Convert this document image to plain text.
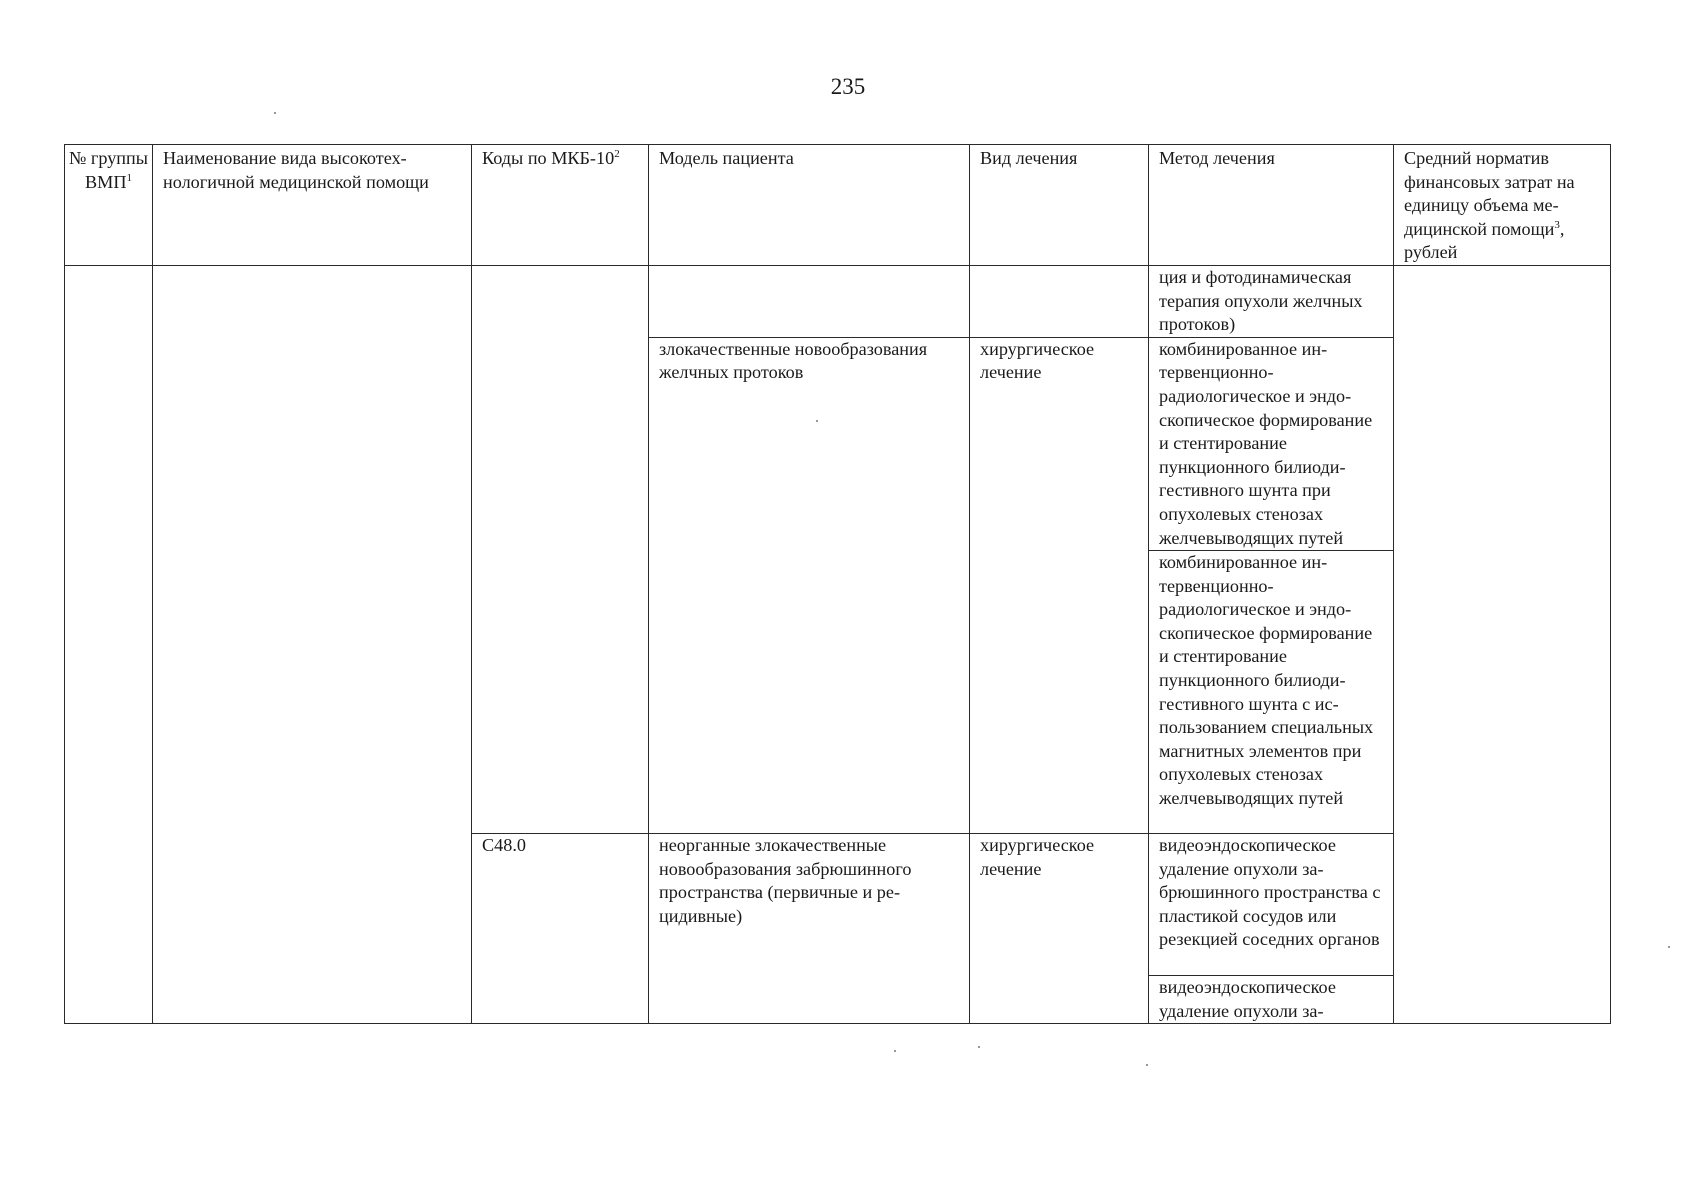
235
№ группы ВМП$^1$	Наименование вида высокотехнологичной медицинской помощи	Коды по МКБ-$10^2$	Модель пациента	Вид лечения	Метод лечения	Средний норматив финансовых затрат на единицу объема медицинской помощи$^3$, рублей
					ция и фотодинамическая терапия опухоли желчных протоков)	
			злокачественные новообразования желчных протоков	хирургическое лечение	комбинированное интервенционно-радиологическое и эндоскопическое формирование и стентирование пункционного билиодигестивного шунта при опухолевых стенозах желчевыводящих путей	
					комбинированное интервенционно-радиологическое и эндоскопическое формирование и стентирование пункционного билиодигестивного шунта с использованием специальных магнитных элементов при опухолевых стенозах желчевыводящих путей	
		С48.0	неорганные злокачественные новообразования забрюшинного пространства (первичные и рецидивные)	хирургическое лечение	видеоэндоскопическое удаление опухоли забрюшинного пространства с пластикой сосудов или резекцией соседних органов	
					видеоэндоскопическое удаление опухоли за-	
